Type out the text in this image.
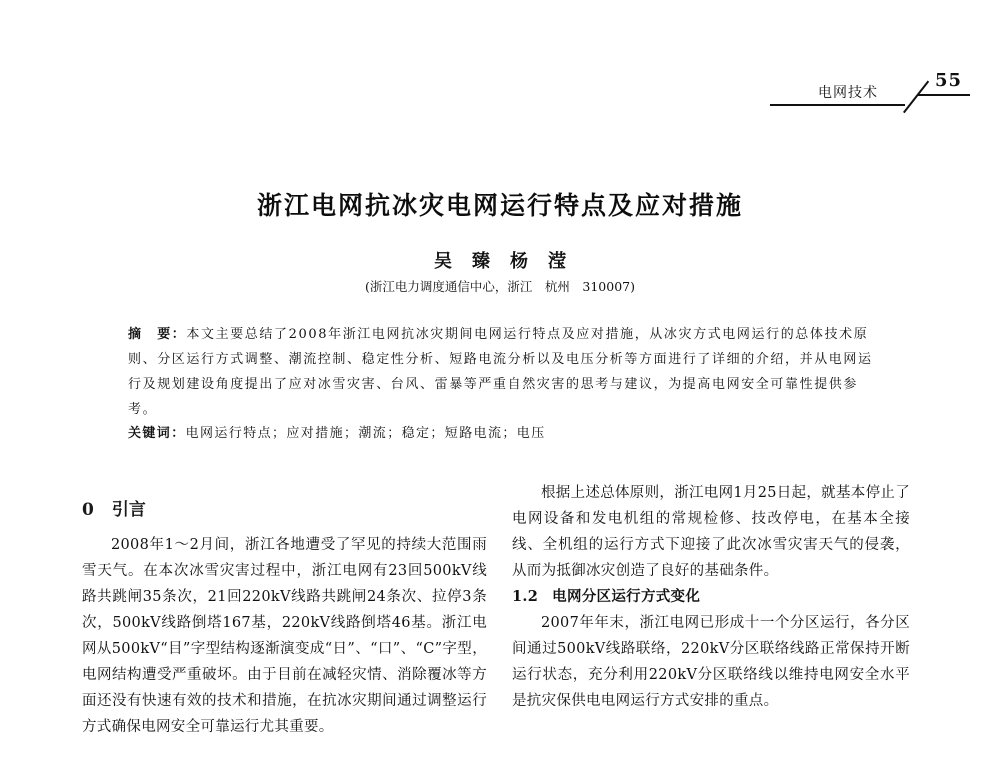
电网技术
55
浙江电网抗冰灾电网运行特点及应对措施
吴 臻 杨 滢
(浙江电力调度通信中心，浙江　杭州　310007)
摘　要：本文主要总结了2008年浙江电网抗冰灾期间电网运行特点及应对措施，从冰灾方式电网运行的总体技术原则、分区运行方式调整、潮流控制、稳定性分析、短路电流分析以及电压分析等方面进行了详细的介绍，并从电网运行及规划建设角度提出了应对冰雪灾害、台风、雷暴等严重自然灾害的思考与建议，为提高电网安全可靠性提供参考。
关键词：电网运行特点；应对措施；潮流；稳定；短路电流；电压
0 引言

2008年1～2月间，浙江各地遭受了罕见的持续大范围雨雪天气。在本次冰雪灾害过程中，浙江电网有23回500kV线路共跳闸35条次，21回220kV线路共跳闸24条次、拉停3条次，500kV线路倒塔167基，220kV线路倒塔46基。浙江电网从500kV“目”字型结构逐渐演变成“日”、“口”、“C”字型，电网结构遭受严重破坏。由于目前在减轻灾情、消除覆冰等方面还没有快速有效的技术和措施，在抗冰灾期间通过调整运行方式确保电网安全可靠运行尤其重要。

根据上述总体原则，浙江电网1月25日起，就基本停止了电网设备和发电机组的常规检修、技改停电，在基本全接线、全机组的运行方式下迎接了此次冰雪灾害天气的侵袭，从而为抵御冰灾创造了良好的基础条件。

1.2 电网分区运行方式变化

2007年年末，浙江电网已形成十一个分区运行，各分区间通过500kV线路联络，220kV分区联络线路正常保持开断运行状态，充分利用220kV分区联络线以维持电网安全水平是抗灾保供电电网运行方式安排的重点。
